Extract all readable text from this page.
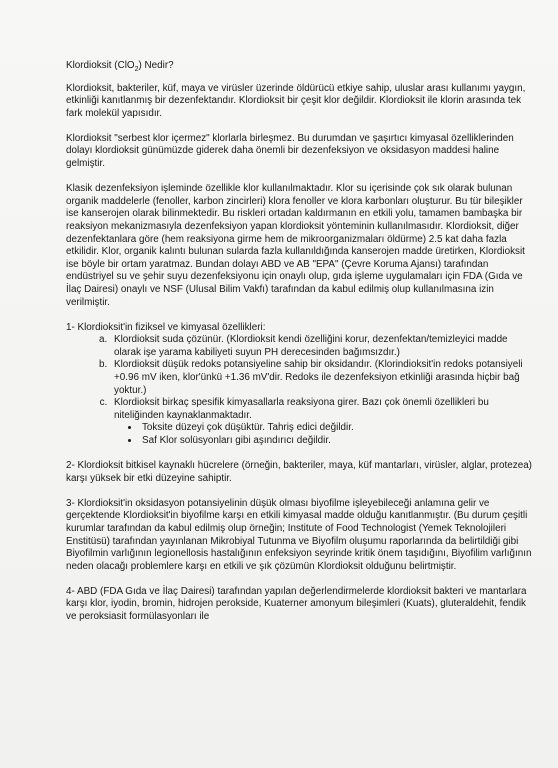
Klordioksit (ClO$_2$) Nedir?

Klordioksit, bakteriler, küf, maya ve virüsler üzerinde öldürücü etkiye sahip, uluslar arası kullanımı yaygın, etkinliği kanıtlanmış bir dezenfektandır. Klordioksit bir çeşit klor değildir. Klordioksit ile klorin arasında tek fark molekül yapısıdır.

Klordioksit "serbest klor içermez" klorlarla birleşmez. Bu durumdan ve şaşırtıcı kimyasal özelliklerinden dolayı klordioksit günümüzde giderek daha önemli bir dezenfeksiyon ve oksidasyon maddesi haline gelmiştir.

Klasik dezenfeksiyon işleminde özellikle klor kullanılmaktadır. Klor su içerisinde çok sık olarak bulunan organik maddelerle (fenoller, karbon zincirleri) klora fenoller ve klora karbonları oluşturur. Bu tür bileşikler ise kanserojen olarak bilinmektedir. Bu riskleri ortadan kaldırmanın en etkili yolu, tamamen bambaşka bir reaksiyon mekanizmasıyla dezenfeksiyon yapan klordioksit yönteminin kullanılmasıdır. Klordioksit, diğer dezenfektanlara göre (hem reaksiyona girme hem de mikroorganizmaları öldürme) 2.5 kat daha fazla etkilidir. Klor, organik kalıntı bulunan sularda fazla kullanıldığında kanserojen madde üretirken, Klordioksit ise böyle bir ortam yaratmaz. Bundan dolayı ABD ve AB "EPA" (Çevre Koruma Ajansı) tarafından endüstriyel su ve şehir suyu dezenfeksiyonu için onaylı olup, gıda işleme uygulamaları için FDA (Gıda ve İlaç Dairesi) onaylı ve NSF (Ulusal Bilim Vakfı) tarafından da kabul edilmiş olup kullanılmasına izin verilmiştir.

1- Klordioksit'in fiziksel ve kimyasal özellikleri:
a. Klordioksit suda çözünür. (Klordioksit kendi özelliğini korur, dezenfektan/temizleyici madde olarak işe yarama kabiliyeti suyun PH derecesinden bağımsızdır.)
b. Klordioksit düşük redoks potansiyeline sahip bir oksidandır. (Klorindioksit'in redoks potansiyeli +0.96 mV iken, klor'ünkü +1.36 mV'dir. Redoks ile dezenfeksiyon etkinliği arasında hiçbir bağ yoktur.)
c. Klordioksit birkaç spesifik kimyasallarla reaksiyona girer. Bazı çok önemli özellikleri bu niteliğinden kaynaklanmaktadır.
• Toksite düzeyi çok düşüktür. Tahriş edici değildir.
• Saf Klor solüsyonları gibi aşındırıcı değildir.

2- Klordioksit bitkisel kaynaklı hücrelere (örneğin, bakteriler, maya, küf mantarları, virüsler, alglar, protezea) karşı yüksek bir etki düzeyine sahiptir.

3- Klordioksit'in oksidasyon potansiyelinin düşük olması biyofilme işleyebileceği anlamına gelir ve gerçektende Klordioksit'in biyofilme karşı en etkili kimyasal madde olduğu kanıtlanmıştır. (Bu durum çeşitli kurumlar tarafından da kabul edilmiş olup örneğin; Institute of Food Technologist (Yemek Teknolojileri Enstitüsü) tarafından yayınlanan Mikrobiyal Tutunma ve Biyofilm oluşumu raporlarında da belirtildiği gibi Biyofilmin varlığının legionellosis hastalığının enfeksiyon seyrinde kritik önem taşıdığını, Biyofilim varlığının neden olacağı problemlere karşı en etkili ve şık çözümün Klordioksit olduğunu belirtmiştir.

4- ABD (FDA Gıda ve İlaç Dairesi) tarafından yapılan değerlendirmelerde klordioksit bakteri ve mantarlara karşı klor, iyodin, bromin, hidrojen perokside, Kuaterner amonyum bileşimleri (Kuats), gluteraldehit, fendik ve peroksiasit formülasyonları ile
